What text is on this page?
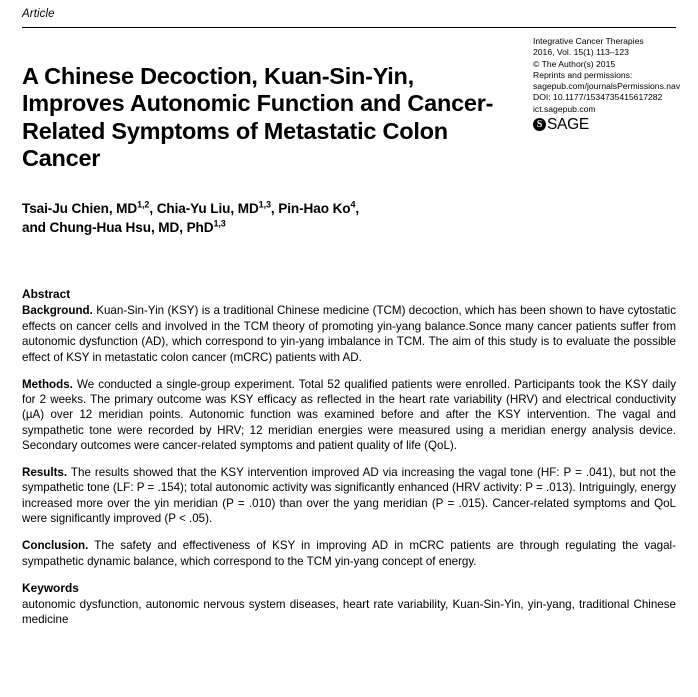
Article
A Chinese Decoction, Kuan-Sin-Yin, Improves Autonomic Function and Cancer-Related Symptoms of Metastatic Colon Cancer
Integrative Cancer Therapies
2016, Vol. 15(1) 113–123
© The Author(s) 2015
Reprints and permissions:
sagepub.com/journalsPermissions.nav
DOI: 10.1177/1534735415617282
ict.sagepub.com
S SAGE
Tsai-Ju Chien, MD$^{1,2}$, Chia-Yu Liu, MD$^{1,3}$, Pin-Hao Ko$^4$,
and Chung-Hua Hsu, MD, PhD$^{1,3}$
Abstract

Background. Kuan-Sin-Yin (KSY) is a traditional Chinese medicine (TCM) decoction, which has been shown to have cytostatic effects on cancer cells and involved in the TCM theory of promoting yin-yang balance.Sonce many cancer patients suffer from autonomic dysfunction (AD), which correspond to yin-yang imbalance in TCM. The aim of this study is to evaluate the possible effect of KSY in metastatic colon cancer (mCRC) patients with AD.

Methods. We conducted a single-group experiment. Total 52 qualified patients were enrolled. Participants took the KSY daily for 2 weeks. The primary outcome was KSY efficacy as reflected in the heart rate variability (HRV) and electrical conductivity (µA) over 12 meridian points. Autonomic function was examined before and after the KSY intervention. The vagal and sympathetic tone were recorded by HRV; 12 meridian energies were measured using a meridian energy analysis device. Secondary outcomes were cancer-related symptoms and patient quality of life (QoL).

Results. The results showed that the KSY intervention improved AD via increasing the vagal tone (HF: P = .041), but not the sympathetic tone (LF: P = .154); total autonomic activity was significantly enhanced (HRV activity: P = .013). Intriguingly, energy increased more over the yin meridian (P = .010) than over the yang meridian (P = .015). Cancer-related symptoms and QoL were significantly improved (P < .05).

Conclusion. The safety and effectiveness of KSY in improving AD in mCRC patients are through regulating the vagal-sympathetic dynamic balance, which correspond to the TCM yin-yang concept of energy.

Keywords

autonomic dysfunction, autonomic nervous system diseases, heart rate variability, Kuan-Sin-Yin, yin-yang, traditional Chinese medicine
